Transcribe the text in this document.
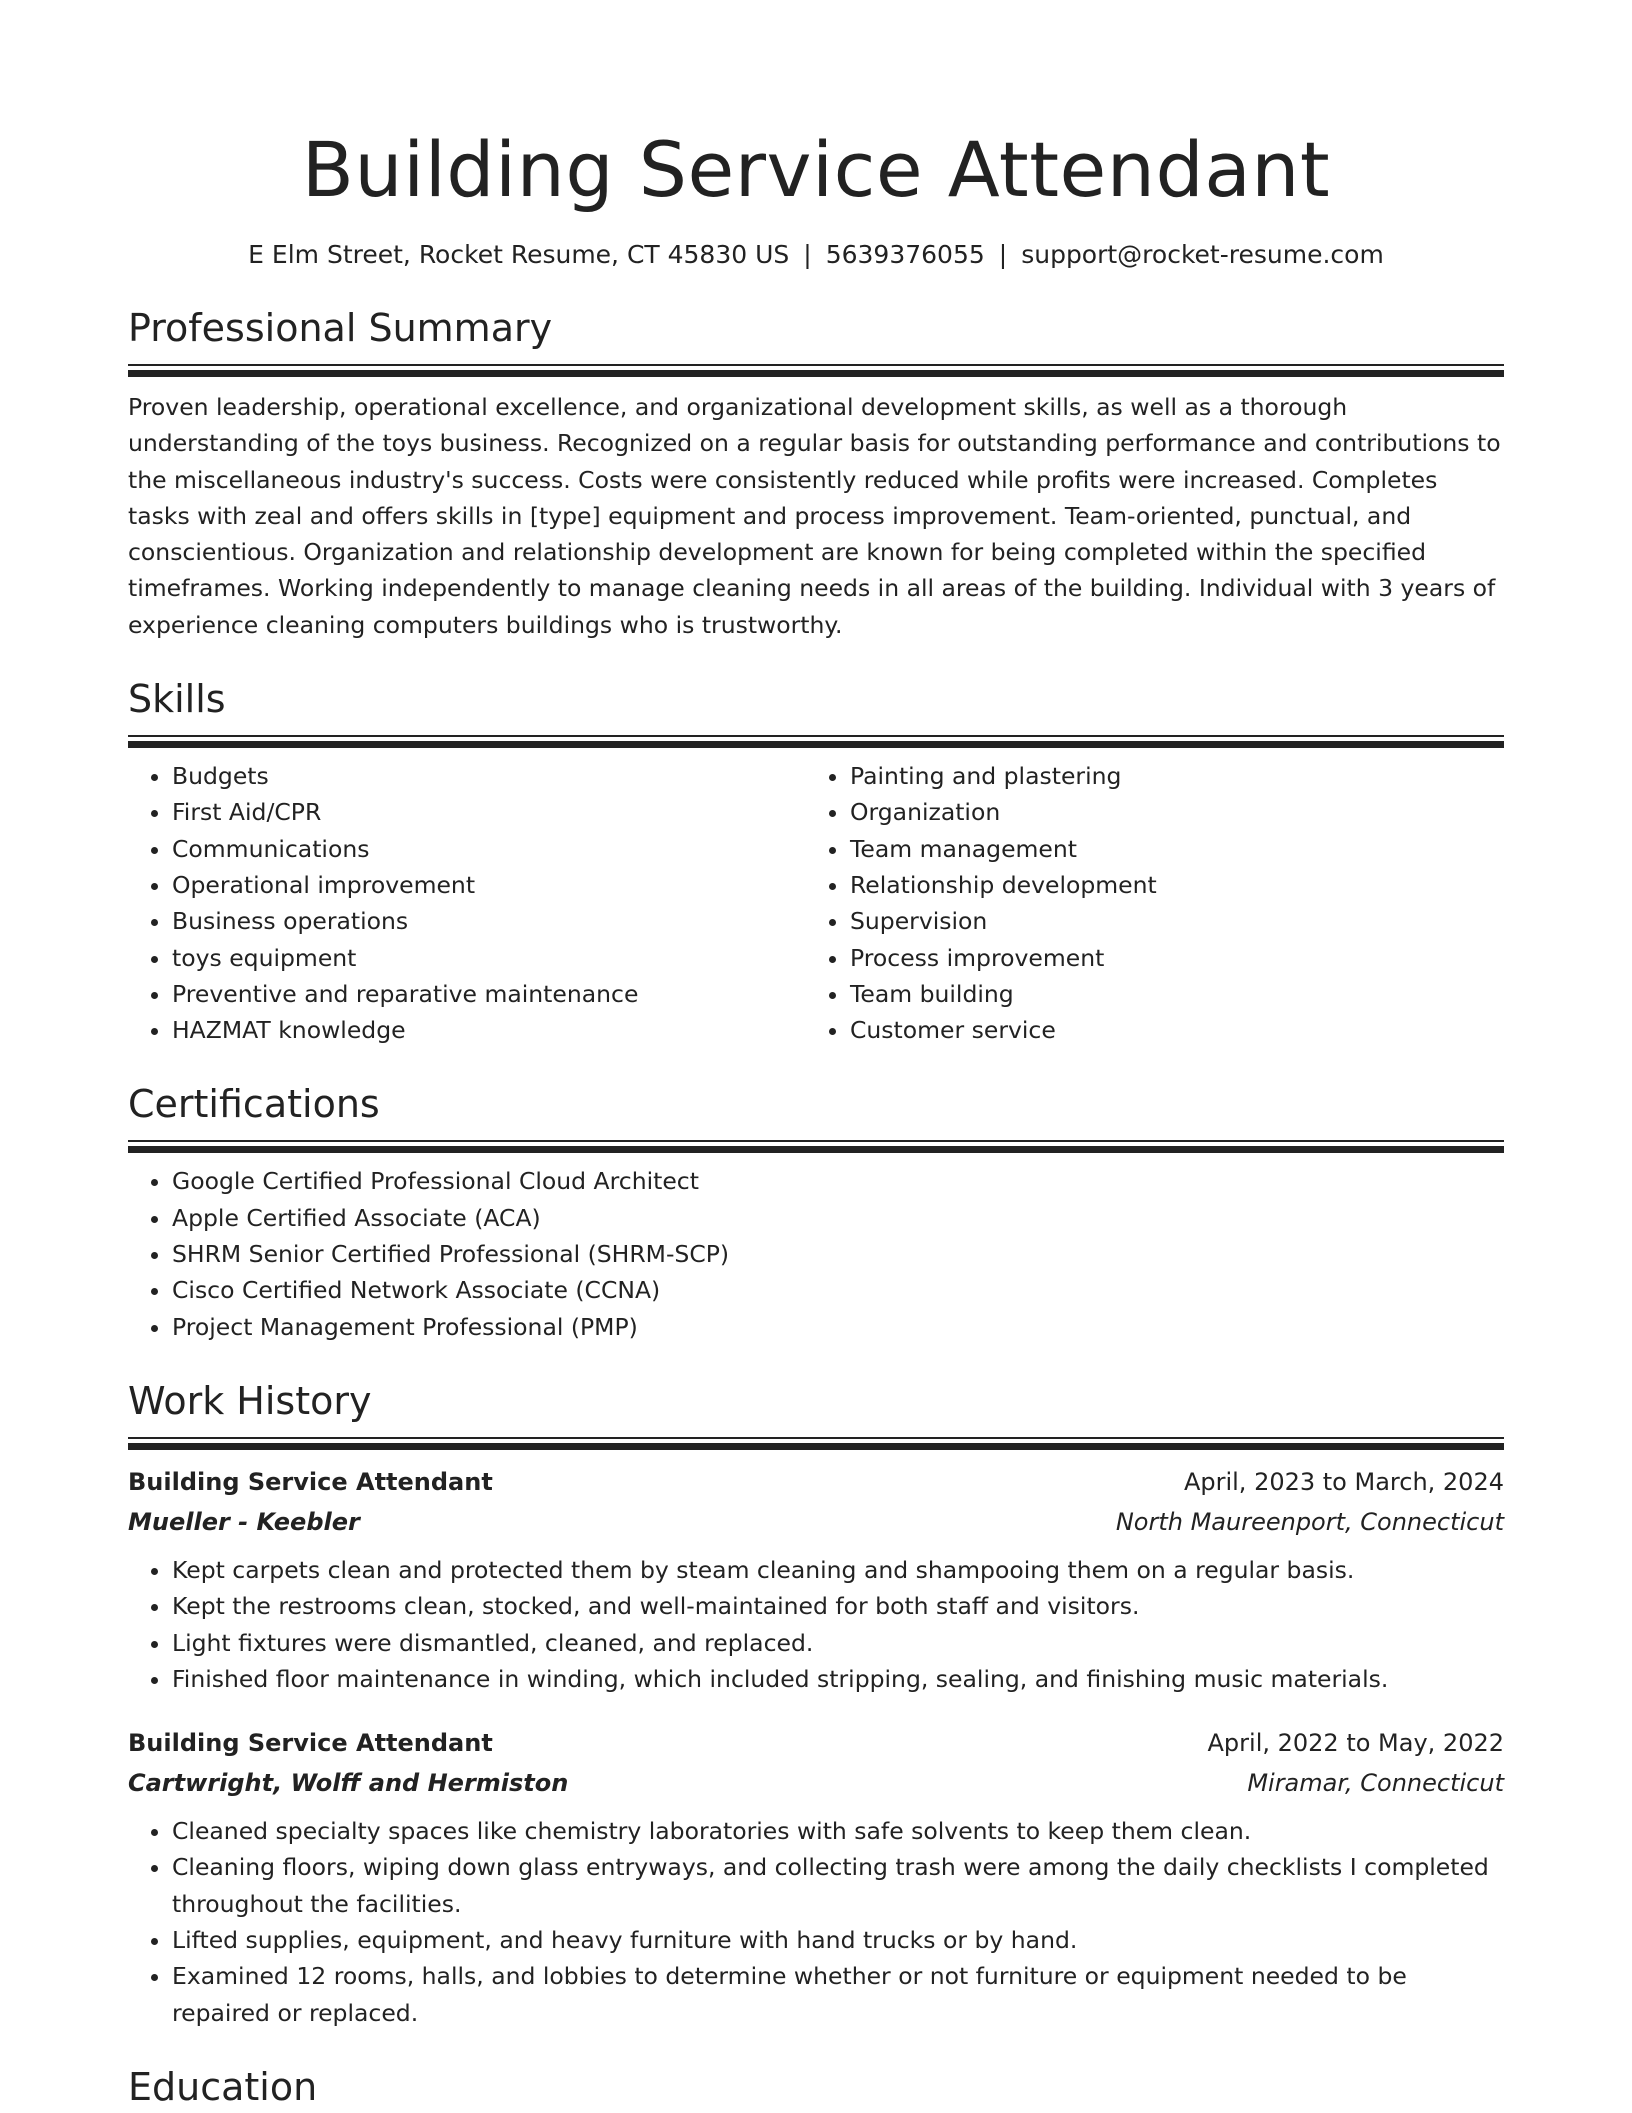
Building Service Attendant
E Elm Street, Rocket Resume, CT 45830 US | 5639376055 | support@rocket-resume.com
Professional Summary

Proven leadership, operational excellence, and organizational development skills, as well as a thorough understanding of the toys business. Recognized on a regular basis for outstanding performance and contributions to the miscellaneous industry's success. Costs were consistently reduced while profits were increased. Completes tasks with zeal and offers skills in [type] equipment and process improvement. Team-oriented, punctual, and conscientious. Organization and relationship development are known for being completed within the specified timeframes. Working independently to manage cleaning needs in all areas of the building. Individual with 3 years of experience cleaning computers buildings who is trustworthy.

Skills
• Budgets
• First Aid/CPR
• Communications
• Operational improvement
• Business operations
• toys equipment
• Preventive and reparative maintenance
• HAZMAT knowledge
• Painting and plastering
• Organization
• Team management
• Relationship development
• Supervision
• Process improvement
• Team building
• Customer service
Certifications
• Google Certified Professional Cloud Architect
• Apple Certified Associate (ACA)
• SHRM Senior Certified Professional (SHRM-SCP)
• Cisco Certified Network Associate (CCNA)
• Project Management Professional (PMP)
Work History
Building Service Attendant	April, 2023 to March, 2024
Mueller - Keebler	North Maureenport, Connecticut
• Kept carpets clean and protected them by steam cleaning and shampooing them on a regular basis.
• Kept the restrooms clean, stocked, and well-maintained for both staff and visitors.
• Light fixtures were dismantled, cleaned, and replaced.
• Finished floor maintenance in winding, which included stripping, sealing, and finishing music materials.
Building Service Attendant	April, 2022 to May, 2022
Cartwright, Wolff and Hermiston	Miramar, Connecticut
• Cleaned specialty spaces like chemistry laboratories with safe solvents to keep them clean.
• Cleaning floors, wiping down glass entryways, and collecting trash were among the daily checklists I completed throughout the facilities.
• Lifted supplies, equipment, and heavy furniture with hand trucks or by hand.
• Examined 12 rooms, halls, and lobbies to determine whether or not furniture or equipment needed to be repaired or replaced.
Education
